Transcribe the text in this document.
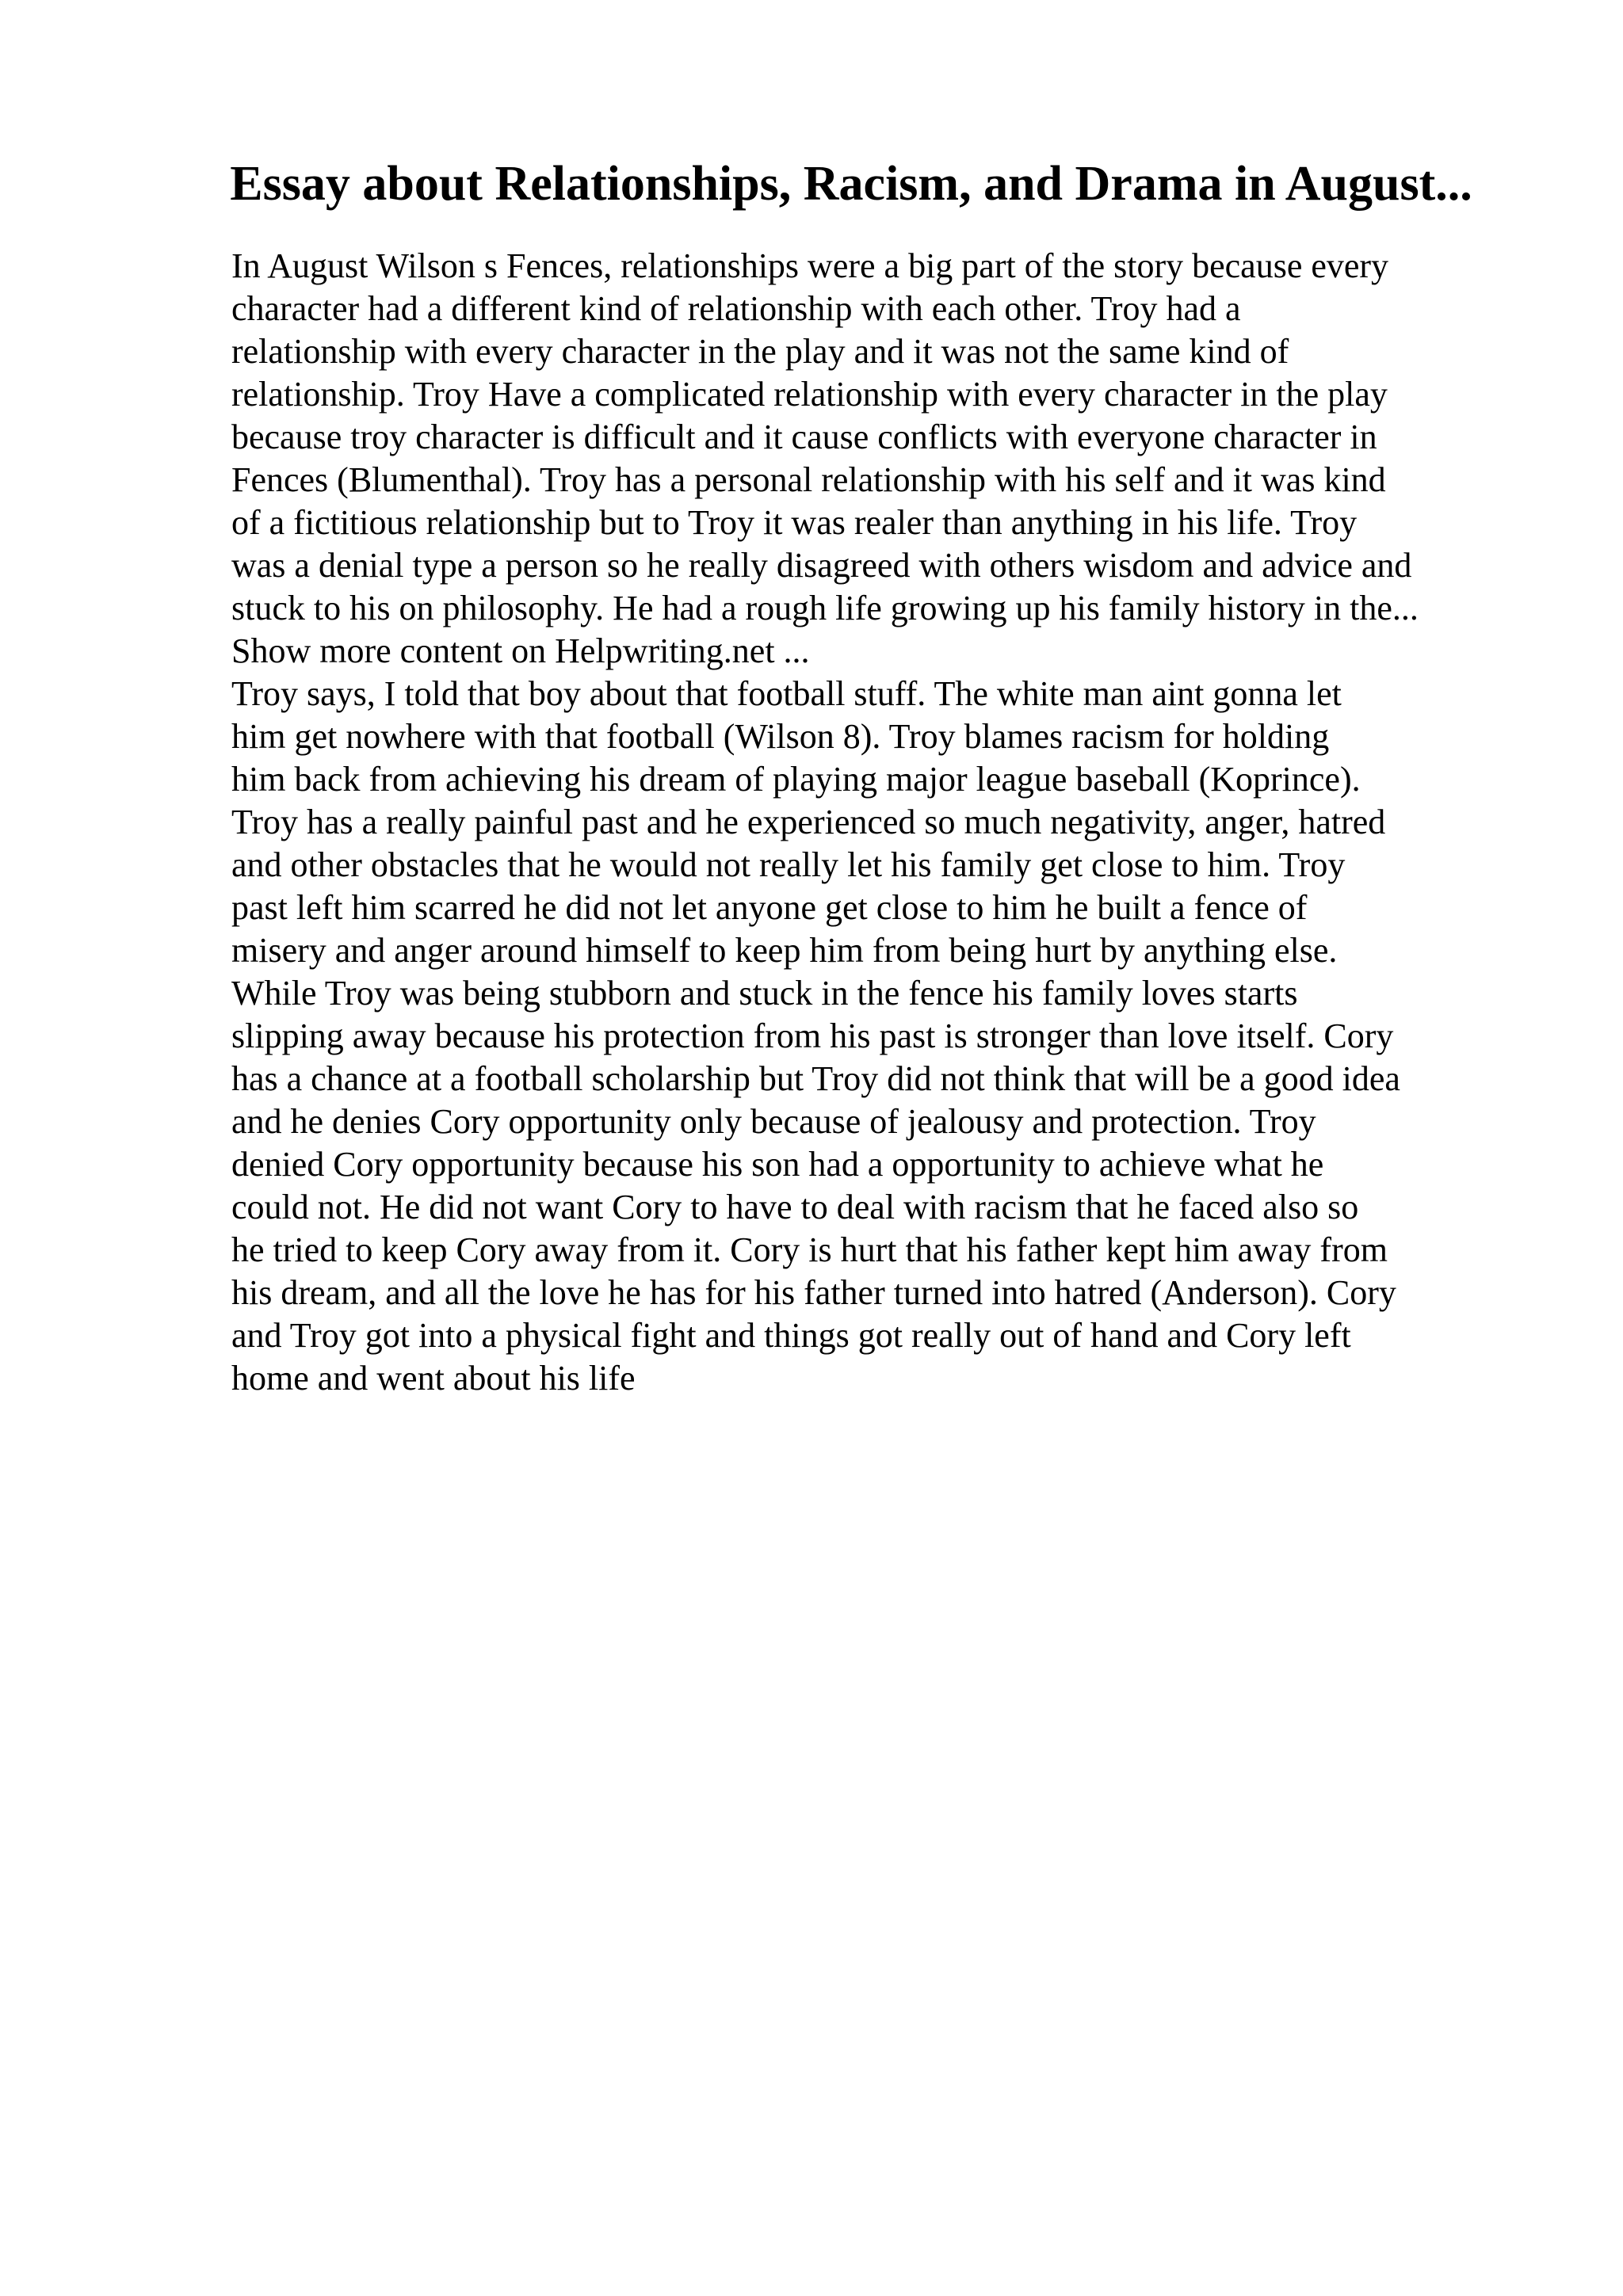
Essay about Relationships, Racism, and Drama in August...
In August Wilson s Fences, relationships were a big part of the story because every
character had a different kind of relationship with each other. Troy had a
relationship with every character in the play and it was not the same kind of
relationship. Troy Have a complicated relationship with every character in the play
because troy character is difficult and it cause conflicts with everyone character in
Fences (Blumenthal). Troy has a personal relationship with his self and it was kind
of a fictitious relationship but to Troy it was realer than anything in his life. Troy
was a denial type a person so he really disagreed with others wisdom and advice and
stuck to his on philosophy. He had a rough life growing up his family history in the...
Show more content on Helpwriting.net ...
Troy says, I told that boy about that football stuff. The white man aint gonna let
him get nowhere with that football (Wilson 8). Troy blames racism for holding
him back from achieving his dream of playing major league baseball (Koprince).
Troy has a really painful past and he experienced so much negativity, anger, hatred
and other obstacles that he would not really let his family get close to him. Troy
past left him scarred he did not let anyone get close to him he built a fence of
misery and anger around himself to keep him from being hurt by anything else.
While Troy was being stubborn and stuck in the fence his family loves starts
slipping away because his protection from his past is stronger than love itself. Cory
has a chance at a football scholarship but Troy did not think that will be a good idea
and he denies Cory opportunity only because of jealousy and protection. Troy
denied Cory opportunity because his son had a opportunity to achieve what he
could not. He did not want Cory to have to deal with racism that he faced also so
he tried to keep Cory away from it. Cory is hurt that his father kept him away from
his dream, and all the love he has for his father turned into hatred (Anderson). Cory
and Troy got into a physical fight and things got really out of hand and Cory left
home and went about his life
